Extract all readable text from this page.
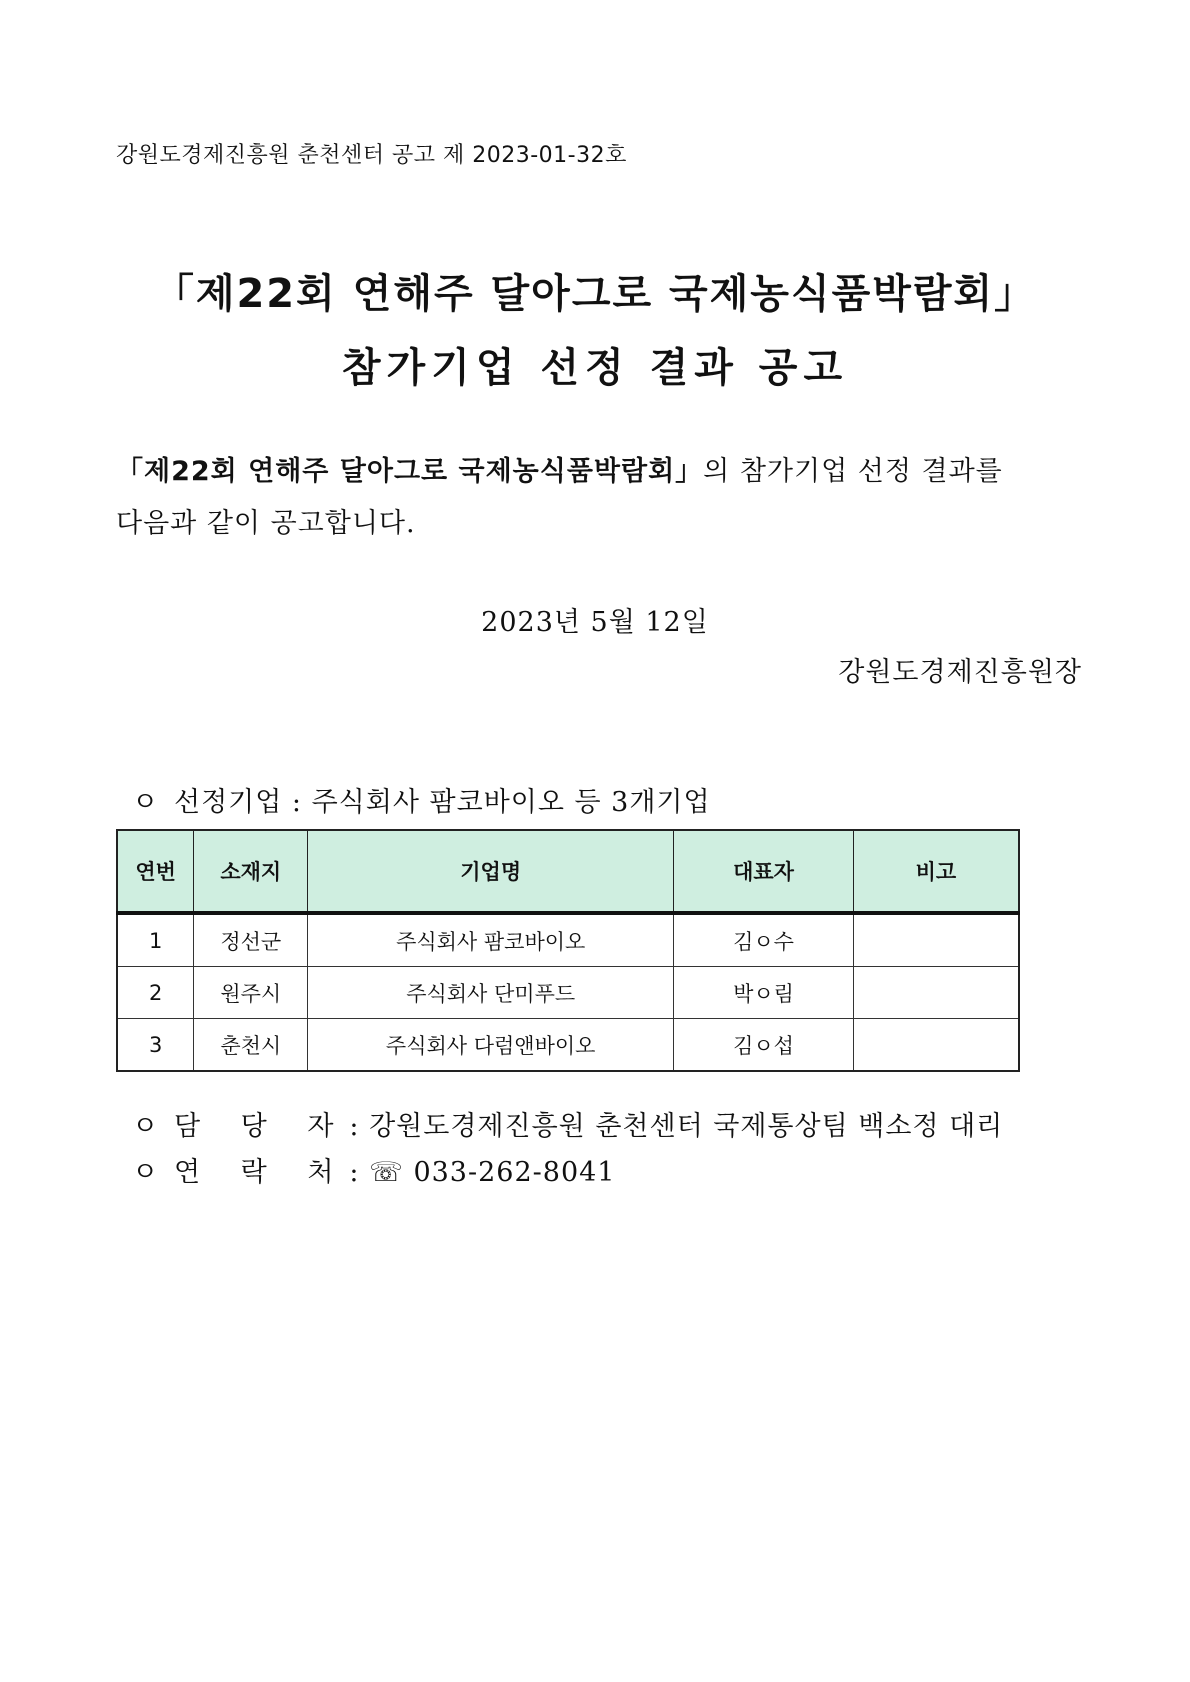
강원도경제진흥원 춘천센터 공고 제 2023-01-32호
「제22회 연해주 달아그로 국제농식품박람회」
참가기업 선정 결과 공고
「제22회 연해주 달아그로 국제농식품박람회」의 참가기업 선정 결과를
다음과 같이 공고합니다.
2023년 5월 12일
강원도경제진흥원장
ㅇ 선정기업 : 주식회사 팜코바이오 등 3개기업
연번	소재지	기업명	대표자	비고
1	정선군	주식회사 팜코바이오	김ㅇ수	
2	원주시	주식회사 단미푸드	박ㅇ림	
3	춘천시	주식회사 다럼앤바이오	김ㅇ섭	
ㅇ 담 당 자: 강원도경제진흥원 춘천센터 국제통상팀 백소정 대리
ㅇ 연 락 처: ☏ 033-262-8041
